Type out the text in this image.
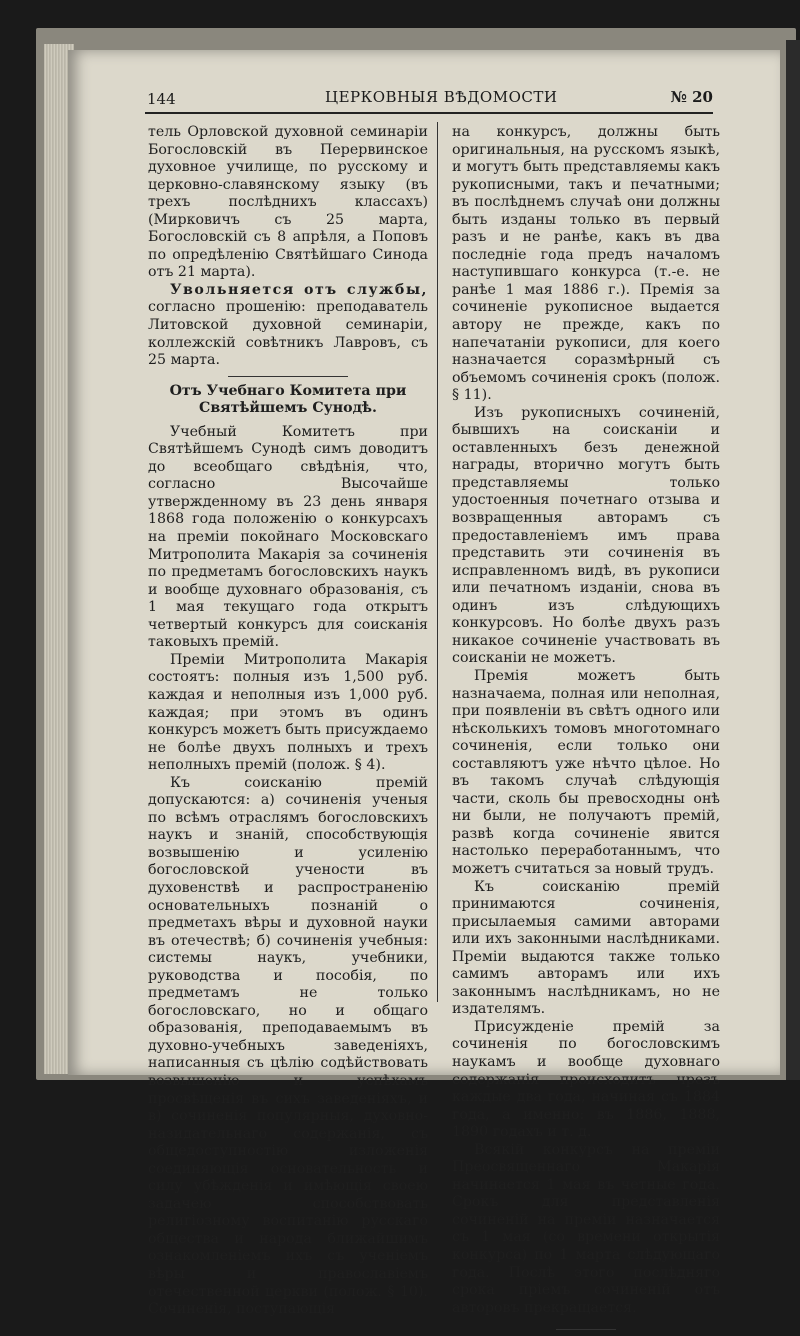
144	ЦЕРКОВНЫЯ ВѢДОМОСТИ	№ 20

тель Орловской духовной семинаріи Богословскій въ Перервинское духовное училище, по русскому и церковно-славянскому языку (въ трехъ послѣднихъ классахъ) (Мирковичъ съ 25 марта, Богословскій съ 8 апрѣля, а Поповъ по опредѣленію Святѣйшаго Синода отъ 21 марта).

Увольняется отъ службы, согласно прошенію: преподаватель Литовской духовной семинаріи, коллежскій совѣтникъ Лавровъ, съ 25 марта.

Отъ Учебнаго Комитета при Святѣйшемъ Сунодѣ.

Учебный Комитетъ при Святѣйшемъ Сунодѣ симъ доводитъ до всеобщаго свѣдѣнія, что, согласно Высочайше утвержденному въ 23 день января 1868 года положенію о конкурсахъ на преміи покойнаго Московскаго Митрополита Макарія за сочиненія по предметамъ богословскихъ наукъ и вообще духовнаго образованія, съ 1 мая текущаго года открытъ четвертый конкурсъ для соисканія таковыхъ премій.

Преміи Митрополита Макарія состоятъ: полныя изъ 1,500 руб. каждая и неполныя изъ 1,000 руб. каждая; при этомъ въ одинъ конкурсъ можетъ быть присуждаемо не болѣе двухъ полныхъ и трехъ неполныхъ премій (полож. § 4).

Къ соисканію премій допускаются: а) сочиненія ученыя по всѣмъ отраслямъ богословскихъ наукъ и знаній, способствующія возвышенію и усиленію богословской учености въ духовенствѣ и распространенію основательныхъ познаній о предметахъ вѣры и духовной науки въ отечествѣ; б) сочиненія учебныя: системы наукъ, учебники, руководства и пособія, по предметамъ не только богословскаго, но и общаго образованія, преподаваемымъ въ духовно-учебныхъ заведеніяхъ, написанныя съ цѣлію содѣйствовать возвышенію и успѣхамъ просвѣщенія въ сихъ заведеніяхъ, и в) сочиненія популярныя, духовно-назидательнаго содержанія, съ общедоступностію изложенія соединяющія основательность и силу убѣжденія и имѣющія своею задачею способствовать религіозному воспитанію русскаго общества и народа ближайшимъ ознакомленіемъ ихъ съ ученіемъ вѣры и православіемъ отечественной церкви (полож. § 10). Сочиненія, поступающія

на конкурсъ, должны быть оригинальныя, на русскомъ языкѣ, и могутъ быть представляемы какъ рукописными, такъ и печатными; въ послѣднемъ случаѣ они должны быть изданы только въ первый разъ и не ранѣе, какъ въ два последніе года предъ началомъ наступившаго конкурса (т.-е. не ранѣе 1 мая 1886 г.). Премія за сочиненіе рукописное выдается автору не прежде, какъ по напечатаніи рукописи, для коего назначается соразмѣрный съ объемомъ сочиненія срокъ (полож. § 11).

Изъ рукописныхъ сочиненій, бывшихъ на соисканіи и оставленныхъ безъ денежной награды, вторично могутъ быть представляемы только удостоенныя почетнаго отзыва и возвращенныя авторамъ съ предоставленіемъ имъ права представить эти сочиненія въ исправленномъ видѣ, въ рукописи или печатномъ изданіи, снова въ одинъ изъ слѣдующихъ конкурсовъ. Но болѣе двухъ разъ никакое сочиненіе участвовать въ соисканіи не можетъ.

Премія можетъ быть назначаема, полная или неполная, при появленіи въ свѣтъ одного или нѣсколькихъ томовъ многотомнаго сочиненія, если только они составляютъ уже нѣчто цѣлое. Но въ такомъ случаѣ слѣдующія части, сколь бы превосходны онѣ ни были, не получаютъ премій, развѣ когда сочиненіе явится настолько переработаннымъ, что можетъ считаться за новый трудъ.

Къ соисканію премій принимаются сочиненія, присылаемыя самими авторами или ихъ законными наслѣдниками. Преміи выдаются также только самимъ авторамъ или ихъ законнымъ наслѣдникамъ, но не издателямъ.

Присужденіе премій за сочиненія по богословскимъ наукамъ и вообще духовнаго содержанія происходитъ чрезъ каждые два года, начиная съ 1884 года, а именно: въ 1886, 1888, 1890 годахъ и т. д.

Всякій конкурсъ на преміи Преосвященнаго Макарія начинается 1 мая въ четные года. Срокъ для представленія сочиненій на преміи назначается съ 1 мая (со времени открытія конкурса) по 1 марта слѣдующаго года. Послѣ этого послѣдняго срока пріемъ сочиненій отъ авторовъ прекращается.
